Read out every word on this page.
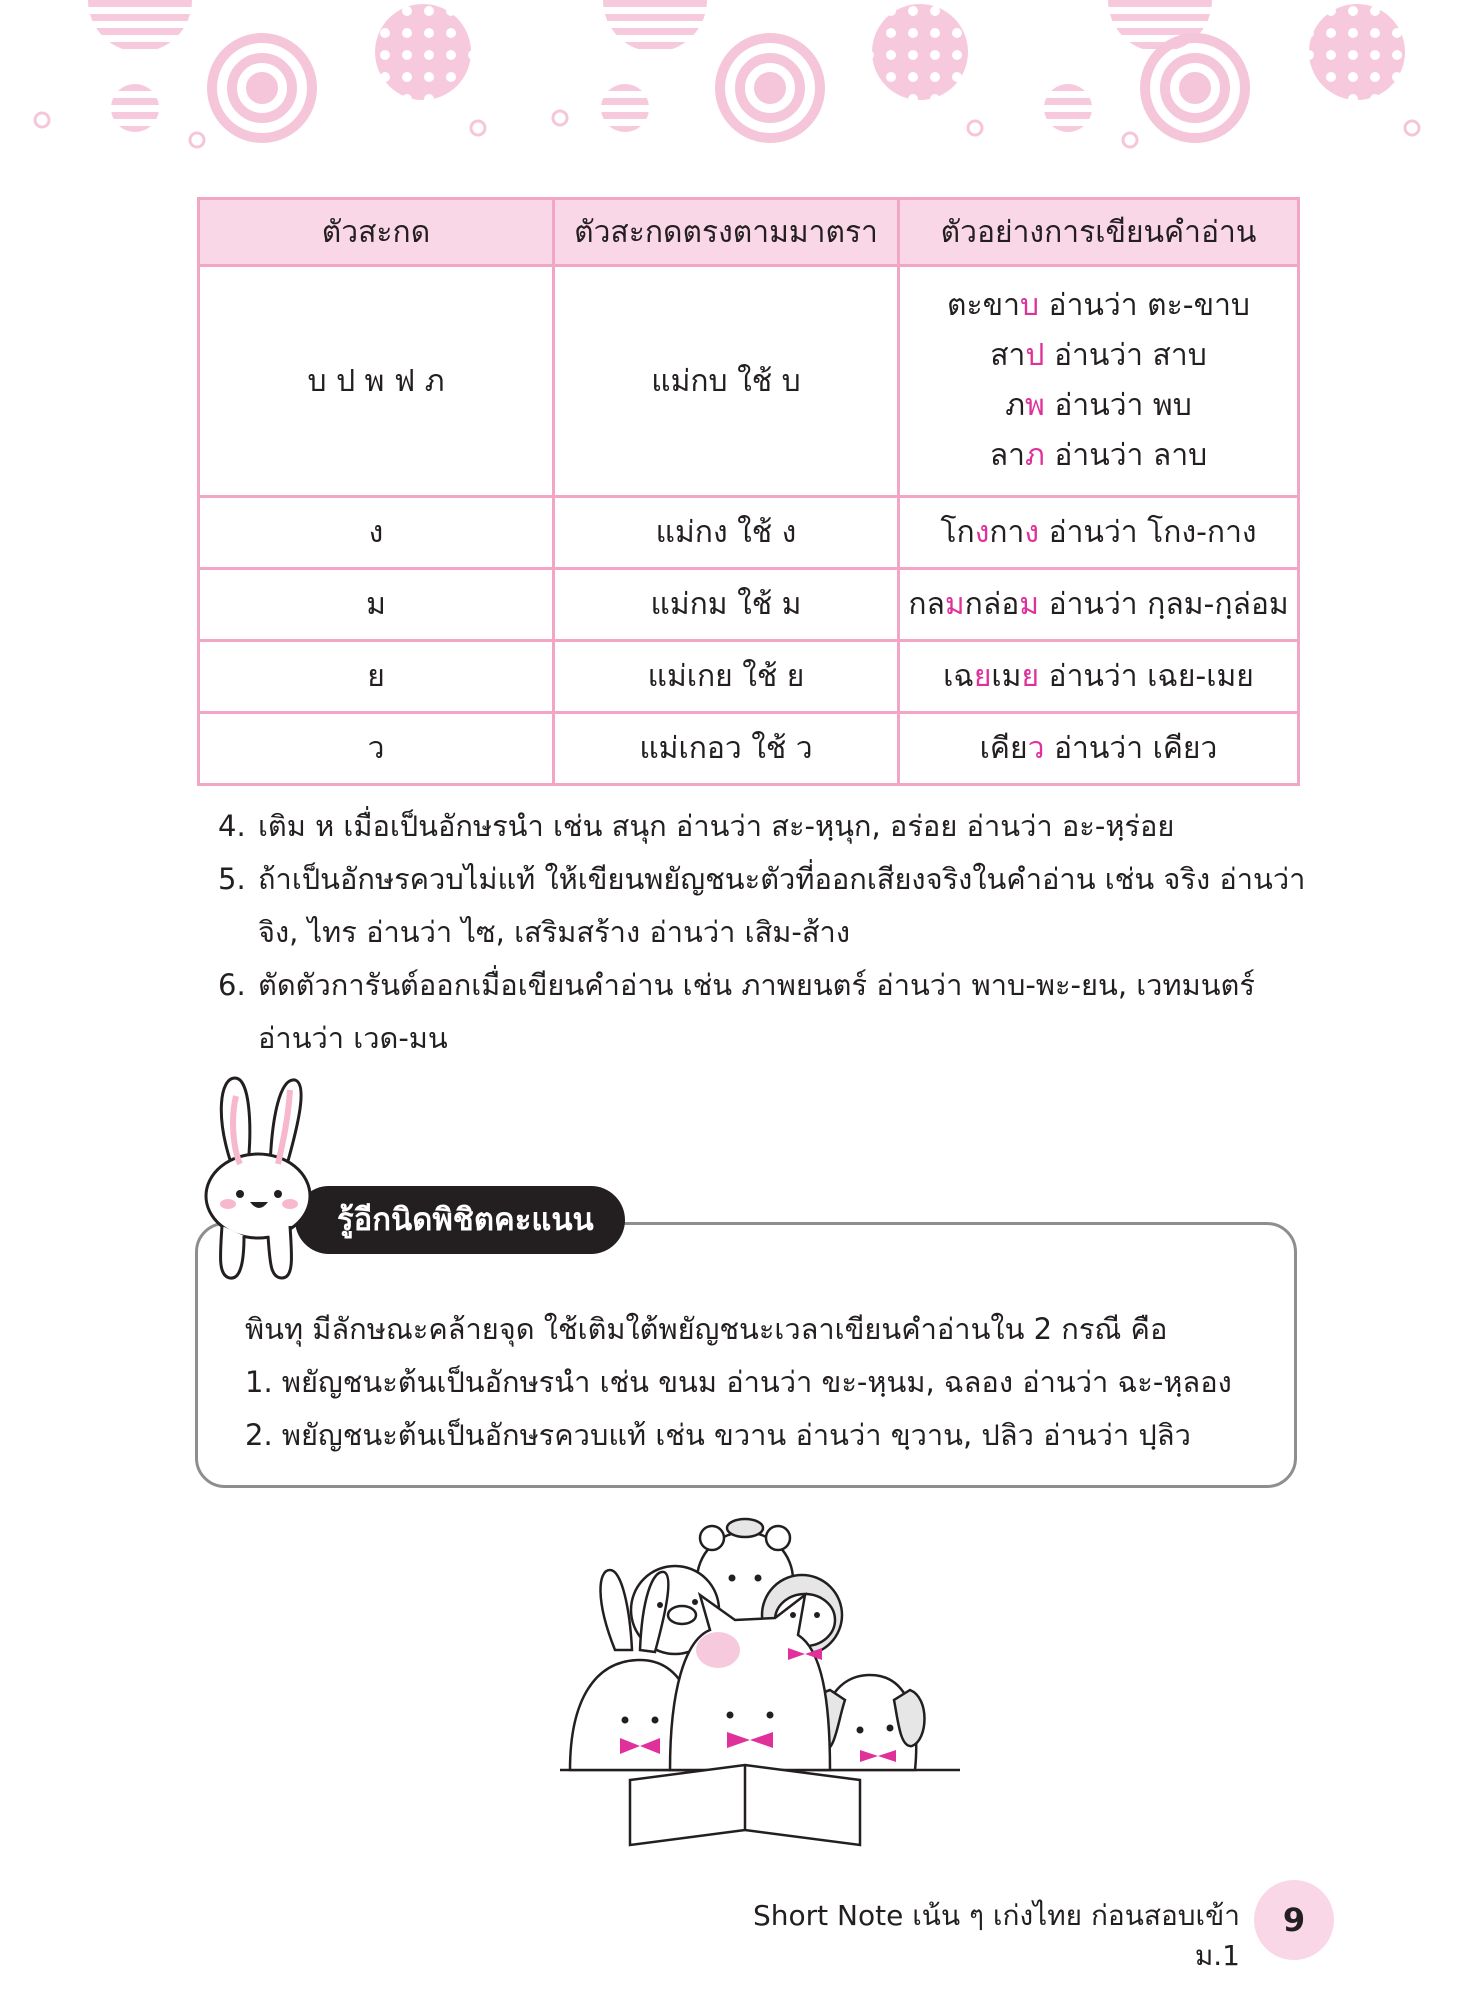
ตัวสะกด	ตัวสะกดตรงตามมาตรา	ตัวอย่างการเขียนคำอ่าน
บ ป พ ฟ ภ	แม่กบ ใช้ บ	ตะขาบ อ่านว่า ตะ-ขาบ
สาป อ่านว่า สาบ
ภพ อ่านว่า พบ
ลาภ อ่านว่า ลาบ

ง	แม่กง ใช้ ง	โกงกาง อ่านว่า โกง-กาง
ม	แม่กม ใช้ ม	กลมกล่อม อ่านว่า กฺลม-กฺล่อม
ย	แม่เกย ใช้ ย	เฉยเมย อ่านว่า เฉย-เมย
ว	แม่เกอว ใช้ ว	เคียว อ่านว่า เคียว
4. เติม ห เมื่อเป็นอักษรนำ เช่น สนุก อ่านว่า สะ-หฺนุก, อร่อย อ่านว่า อะ-หฺร่อย
5. ถ้าเป็นอักษรควบไม่แท้ ให้เขียนพยัญชนะตัวที่ออกเสียงจริงในคำอ่าน เช่น จริง อ่านว่า จิง, ไทร อ่านว่า ไซ, เสริมสร้าง อ่านว่า เสิม-ส้าง
6. ตัดตัวการันต์ออกเมื่อเขียนคำอ่าน เช่น ภาพยนตร์ อ่านว่า พาบ-พะ-ยน, เวทมนตร์ อ่านว่า เวด-มน
พินทุ มีลักษณะคล้ายจุด ใช้เติมใต้พยัญชนะเวลาเขียนคำอ่านใน 2 กรณี คือ
1. พยัญชนะต้นเป็นอักษรนำ เช่น ขนม อ่านว่า ขะ-หฺนม, ฉลอง อ่านว่า ฉะ-หฺลอง
2. พยัญชนะต้นเป็นอักษรควบแท้ เช่น ขวาน อ่านว่า ขฺวาน, ปลิว อ่านว่า ปฺลิว
รู้อีกนิดพิชิตคะแนน
Short Note เน้น ๆ เก่งไทย ก่อนสอบเข้า ม.1
9
